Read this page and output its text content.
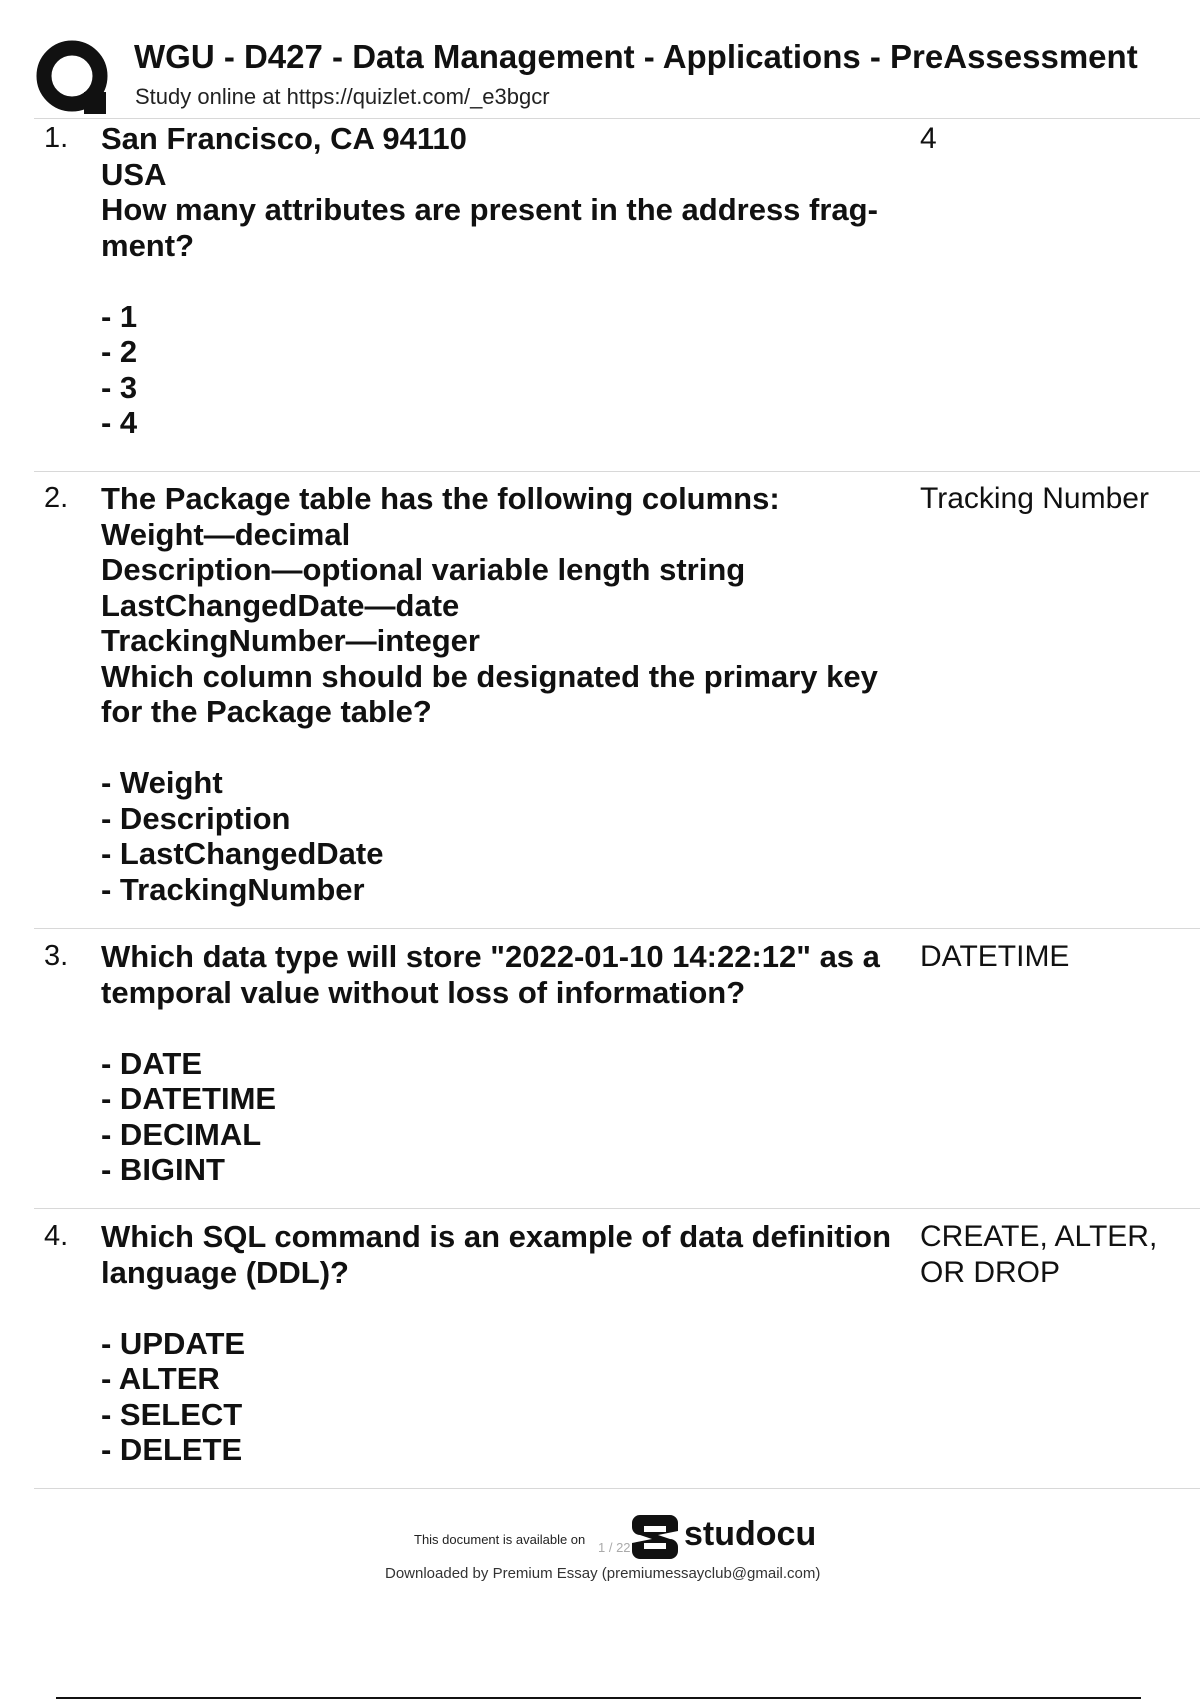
WGU - D427 - Data Management - Applications - PreAssessment
Study online at https://quizlet.com/_e3bgcr
1. San Francisco, CA 94110
USA
How many attributes are present in the address frag-
ment?
- 1
- 2
- 3
- 4
4
2. The Package table has the following columns:
Weight—decimal
Description—optional variable length string
LastChangedDate—date
TrackingNumber—integer
Which column should be designated the primary key
for the Package table?
- Weight
- Description
- LastChangedDate
- TrackingNumber
Tracking Number
3. Which data type will store "2022-01-10 14:22:12" as a
temporal value without loss of information?
- DATE
- DATETIME
- DECIMAL
- BIGINT
DATETIME
4. Which SQL command is an example of data definition
language (DDL)?
- UPDATE
- ALTER
- SELECT
- DELETE
CREATE, ALTER,
OR DROP
This document is available on
1 / 22 studocu
Downloaded by Premium Essay (premiumessayclub@gmail.com)
